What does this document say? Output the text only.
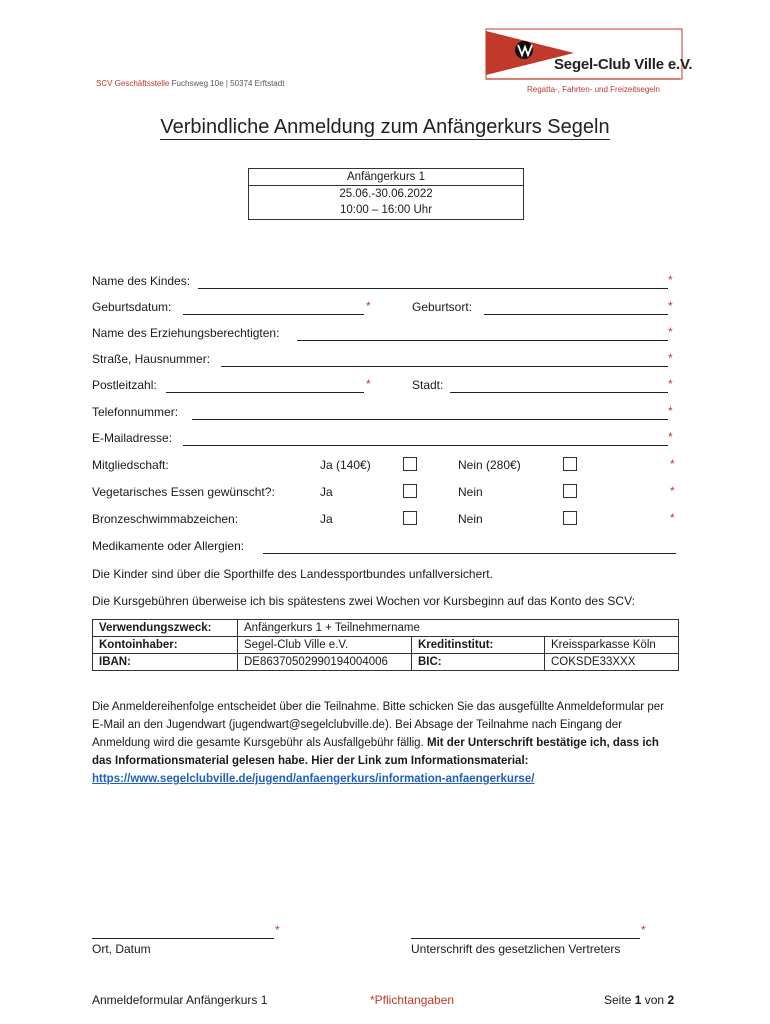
SCV Geschäftsstelle Fuchsweg 10e | 50374 Erftstadt
Segel-Club Ville e.V.
Regatta-, Fahrten- und Freizeitsegeln
Verbindliche Anmeldung zum Anfängerkurs Segeln
Anfängerkurs 1
25.06.-30.06.2022
10:00 – 16:00 Uhr
Name des Kindes:	*
Geburtsdatum:	*	Geburtsort:	*
Name des Erziehungsberechtigten:	*
Straße, Hausnummer:	*
Postleitzahl:	*	Stadt:	*
Telefonnummer:	*
E-Mailadresse:	*
Mitgliedschaft:	Ja (140€)	Nein (280€)	*
Vegetarisches Essen gewünscht?:	Ja	Nein	*
Bronzeschwimmabzeichen:	Ja	Nein	*
Medikamente oder Allergien:
Die Kinder sind über die Sporthilfe des Landessportbundes unfallversichert.
Die Kursgebühren überweise ich bis spätestens zwei Wochen vor Kursbeginn auf das Konto des SCV:
Verwendungszweck:	Anfängerkurs 1 + Teilnehmername		
Kontoinhaber:	Segel-Club Ville e.V.	Kreditinstitut:	Kreissparkasse Köln
IBAN:	DE86370502990194004006	BIC:	COKSDE33XXX
Die Anmeldereihenfolge entscheidet über die Teilnahme. Bitte schicken Sie das ausgefüllte Anmeldeformular per E-Mail an den Jugendwart (jugendwart@segelclubville.de). Bei Absage der Teilnahme nach Eingang der Anmeldung wird die gesamte Kursgebühr als Ausfallgebühr fällig. Mit der Unterschrift bestätige ich, dass ich das Informationsmaterial gelesen habe. Hier der Link zum Informationsmaterial: https://www.segelclubville.de/jugend/anfaengerkurs/information-anfaengerkurse/
*
Ort, Datum
*
Unterschrift des gesetzlichen Vertreters
Anmeldeformular Anfängerkurs 1	*Pflichtangaben	Seite 1 von 2
